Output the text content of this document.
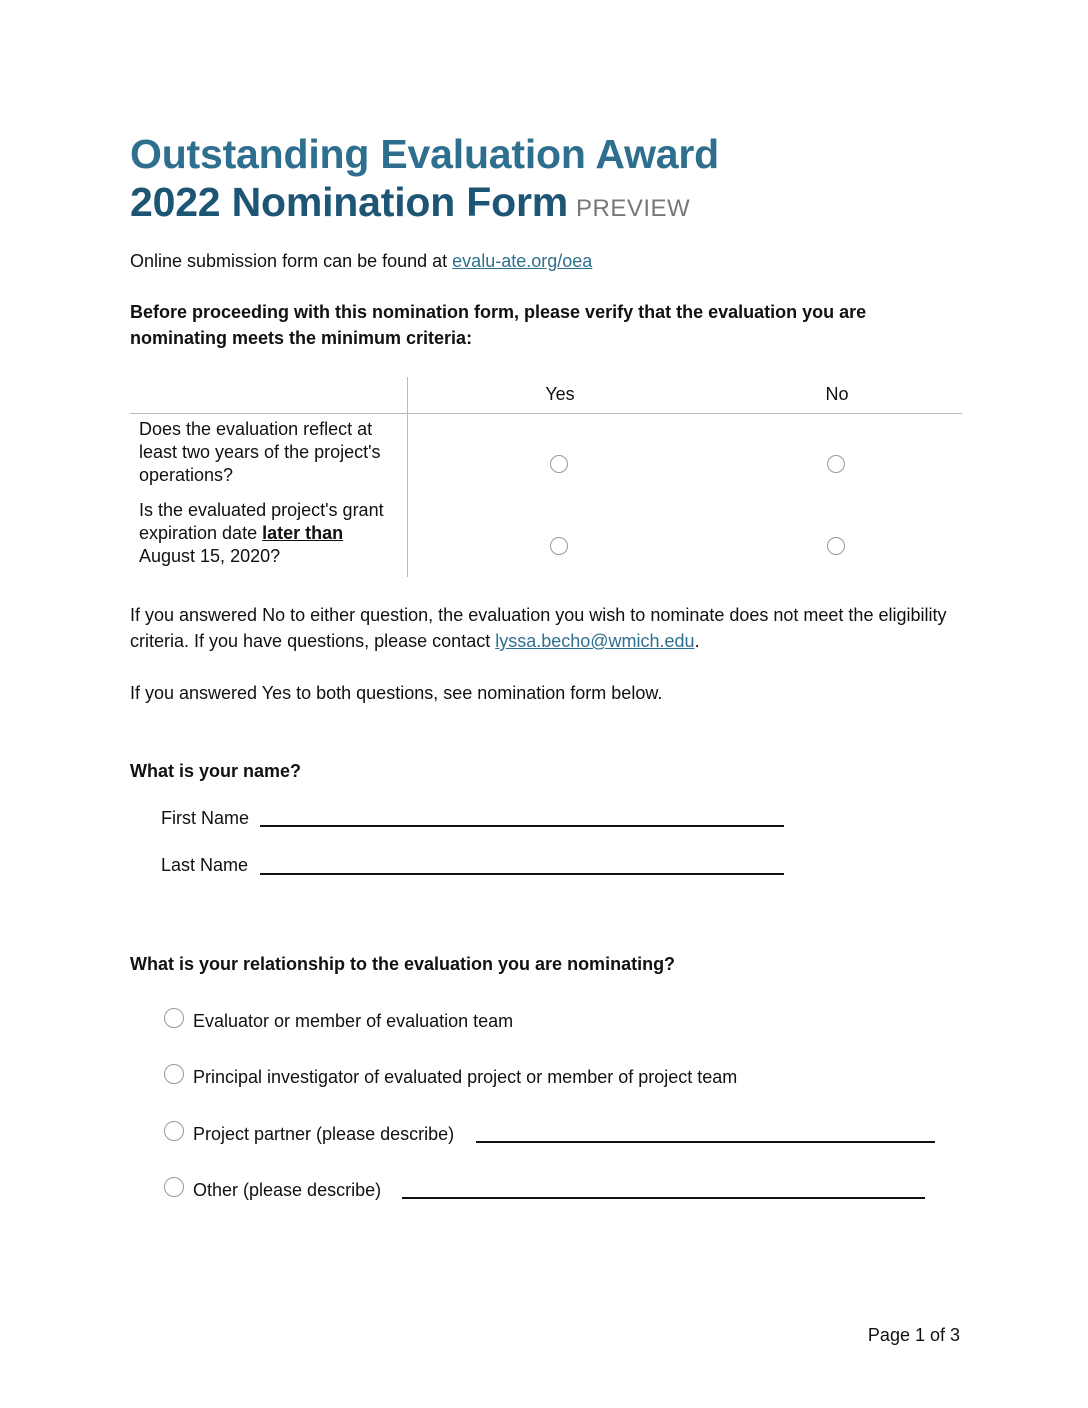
Outstanding Evaluation Award
2022 Nomination Form PREVIEW

Online submission form can be found at evalu-ate.org/oea

Before proceeding with this nomination form, please verify that the evaluation you are nominating meets the minimum criteria:

Yes	No
Does the evaluation reflect at least two years of the project's operations?
Is the evaluated project's grant expiration date later than August 15, 2020?

If you answered No to either question, the evaluation you wish to nominate does not meet the eligibility criteria. If you have questions, please contact lyssa.becho@wmich.edu.

If you answered Yes to both questions, see nomination form below.

What is your name?

First Name
Last Name

What is your relationship to the evaluation you are nominating?

Evaluator or member of evaluation team
Principal investigator of evaluated project or member of project team
Project partner (please describe)
Other (please describe)
Page 1 of 3
